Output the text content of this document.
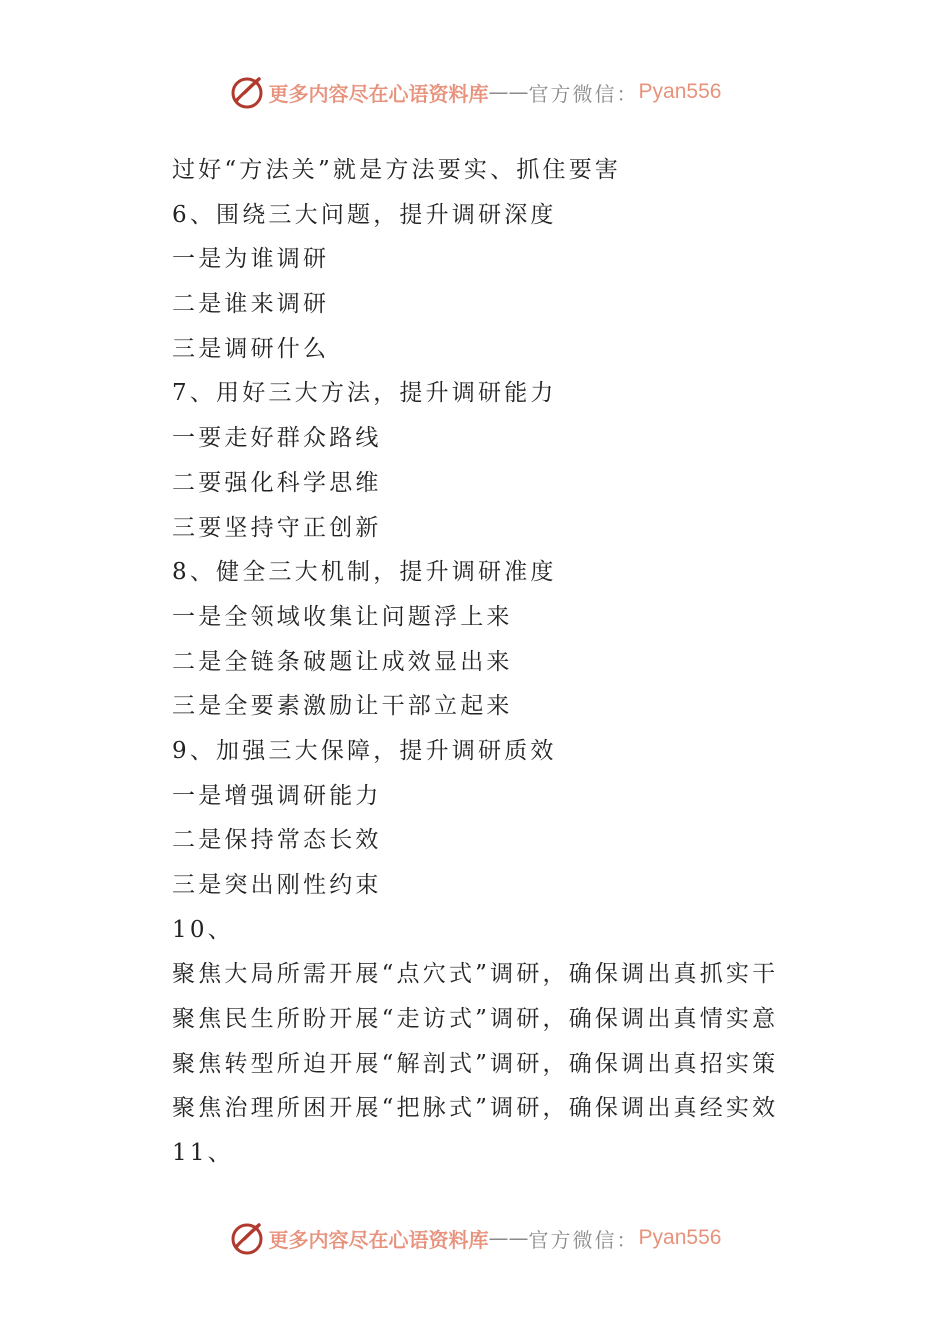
更多内容尽在心语资料库 —— 官方微信： Pyan556
过好“方法关”就是方法要实、抓住要害
6、围绕三大问题，提升调研深度
一是为谁调研
二是谁来调研
三是调研什么
7、用好三大方法，提升调研能力
一要走好群众路线
二要强化科学思维
三要坚持守正创新
8、健全三大机制，提升调研准度
一是全领域收集让问题浮上来
二是全链条破题让成效显出来
三是全要素激励让干部立起来
9、加强三大保障，提升调研质效
一是增强调研能力
二是保持常态长效
三是突出刚性约束
10、
聚焦大局所需开展“点穴式”调研，确保调出真抓实干
聚焦民生所盼开展“走访式”调研，确保调出真情实意
聚焦转型所迫开展“解剖式”调研，确保调出真招实策
聚焦治理所困开展“把脉式”调研，确保调出真经实效
11、
更多内容尽在心语资料库 —— 官方微信： Pyan556
